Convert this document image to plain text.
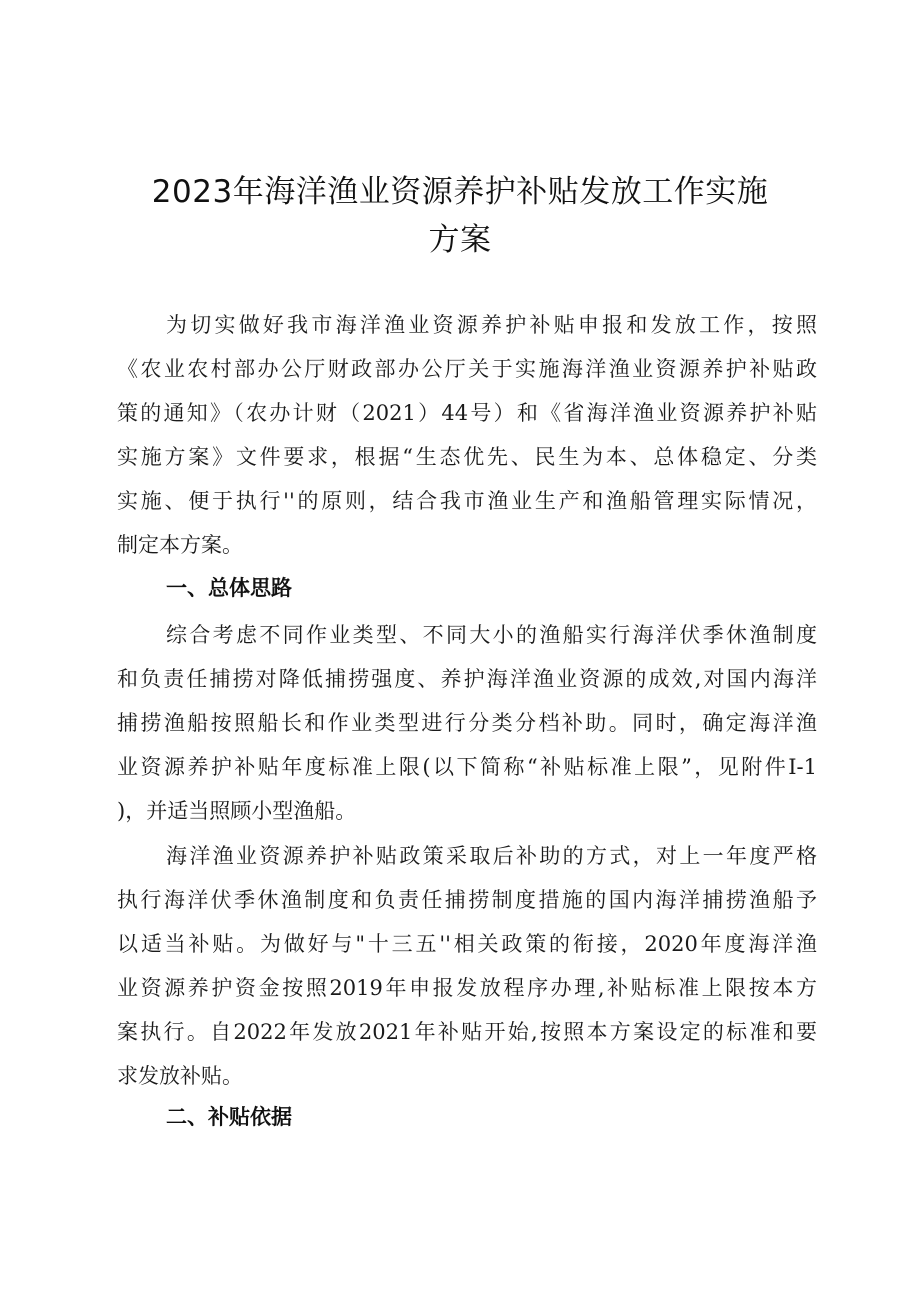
2023年海洋渔业资源养护补贴发放工作实施
方案
为切实做好我市海洋渔业资源养护补贴申报和发放工作，按照
《农业农村部办公厅财政部办公厅关于实施海洋渔业资源养护补贴政
策的通知》（农办计财（2021）44号）和《省海洋渔业资源养护补贴
实施方案》文件要求，根据“生态优先、民生为本、总体稳定、分类
实施、便于执行''的原则，结合我市渔业生产和渔船管理实际情况，
制定本方案。
一、总体思路
综合考虑不同作业类型、不同大小的渔船实行海洋伏季休渔制度
和负责任捕捞对降低捕捞强度、养护海洋渔业资源的成效,对国内海洋
捕捞渔船按照船长和作业类型进行分类分档补助。同时，确定海洋渔
业资源养护补贴年度标准上限(以下简称“补贴标准上限”，见附件I-1
)，并适当照顾小型渔船。
海洋渔业资源养护补贴政策采取后补助的方式，对上一年度严格
执行海洋伏季休渔制度和负责任捕捞制度措施的国内海洋捕捞渔船予
以适当补贴。为做好与"十三五''相关政策的衔接，2020年度海洋渔
业资源养护资金按照2019年申报发放程序办理,补贴标准上限按本方
案执行。自2022年发放2021年补贴开始,按照本方案设定的标准和要
求发放补贴。
二、补贴依据
